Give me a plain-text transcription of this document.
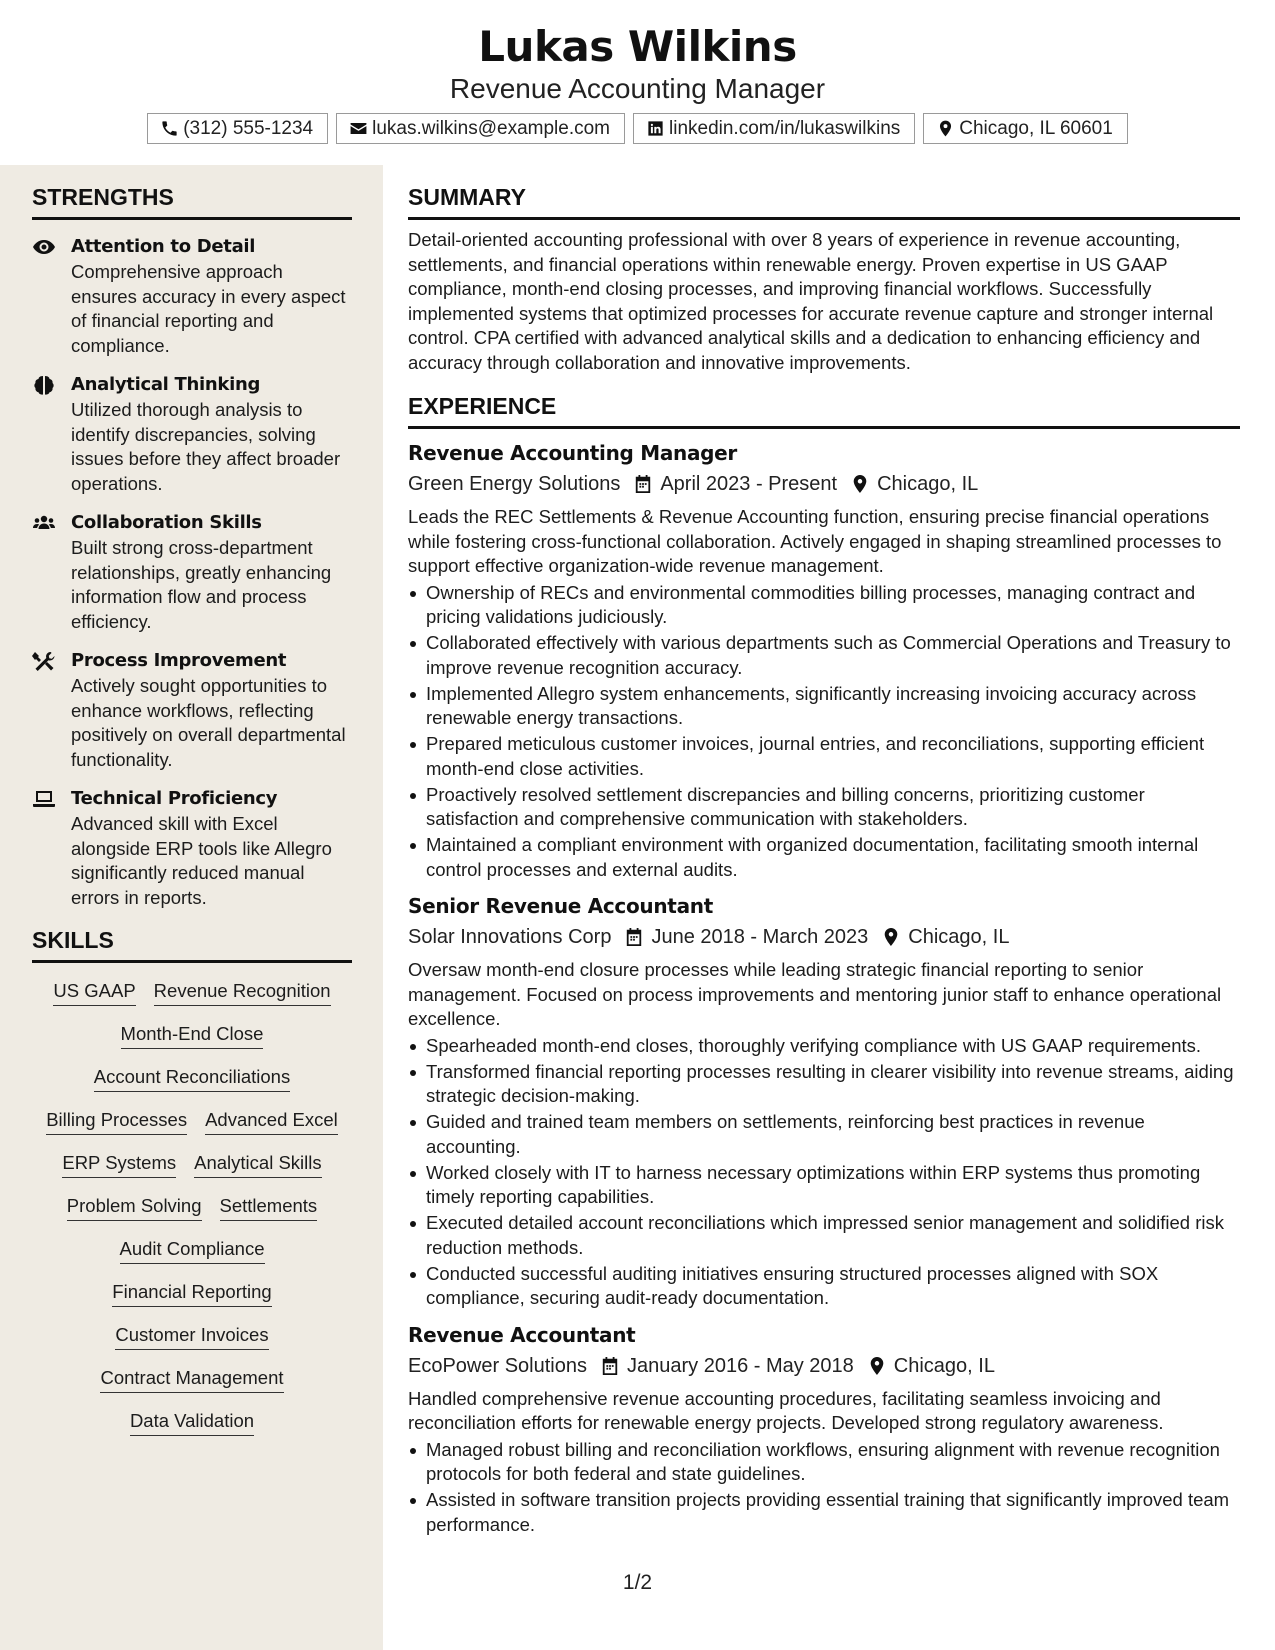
Lukas Wilkins
Revenue Accounting Manager
(312) 555-1234	lukas.wilkins@example.com	linkedin.com/in/lukaswilkins	Chicago, IL 60601
STRENGTHS
Attention to Detail
Comprehensive approach ensures accuracy in every aspect of financial reporting and compliance.
Analytical Thinking
Utilized thorough analysis to identify discrepancies, solving issues before they affect broader operations.
Collaboration Skills
Built strong cross-department relationships, greatly enhancing information flow and process efficiency.
Process Improvement
Actively sought opportunities to enhance workflows, reflecting positively on overall departmental functionality.
Technical Proficiency
Advanced skill with Excel alongside ERP tools like Allegro significantly reduced manual errors in reports.
SKILLS
US GAAP Revenue Recognition
Month-End Close
Account Reconciliations
Billing Processes Advanced Excel
ERP Systems Analytical Skills
Problem Solving Settlements
Audit Compliance
Financial Reporting
Customer Invoices
Contract Management
Data Validation
SUMMARY
Detail-oriented accounting professional with over 8 years of experience in revenue accounting, settlements, and financial operations within renewable energy. Proven expertise in US GAAP compliance, month-end closing processes, and improving financial workflows. Successfully implemented systems that optimized processes for accurate revenue capture and stronger internal control. CPA certified with advanced analytical skills and a dedication to enhancing efficiency and accuracy through collaboration and innovative improvements.
EXPERIENCE
Revenue Accounting Manager
Green Energy Solutions April 2023 - Present Chicago, IL
Leads the REC Settlements & Revenue Accounting function, ensuring precise financial operations while fostering cross-functional collaboration. Actively engaged in shaping streamlined processes to support effective organization-wide revenue management.
Ownership of RECs and environmental commodities billing processes, managing contract and pricing validations judiciously.
Collaborated effectively with various departments such as Commercial Operations and Treasury to improve revenue recognition accuracy.
Implemented Allegro system enhancements, significantly increasing invoicing accuracy across renewable energy transactions.
Prepared meticulous customer invoices, journal entries, and reconciliations, supporting efficient month-end close activities.
Proactively resolved settlement discrepancies and billing concerns, prioritizing customer satisfaction and comprehensive communication with stakeholders.
Maintained a compliant environment with organized documentation, facilitating smooth internal control processes and external audits.
Senior Revenue Accountant
Solar Innovations Corp June 2018 - March 2023 Chicago, IL
Oversaw month-end closure processes while leading strategic financial reporting to senior management. Focused on process improvements and mentoring junior staff to enhance operational excellence.
Spearheaded month-end closes, thoroughly verifying compliance with US GAAP requirements.
Transformed financial reporting processes resulting in clearer visibility into revenue streams, aiding strategic decision-making.
Guided and trained team members on settlements, reinforcing best practices in revenue accounting.
Worked closely with IT to harness necessary optimizations within ERP systems thus promoting timely reporting capabilities.
Executed detailed account reconciliations which impressed senior management and solidified risk reduction methods.
Conducted successful auditing initiatives ensuring structured processes aligned with SOX compliance, securing audit-ready documentation.
Revenue Accountant
EcoPower Solutions January 2016 - May 2018 Chicago, IL
Handled comprehensive revenue accounting procedures, facilitating seamless invoicing and reconciliation efforts for renewable energy projects. Developed strong regulatory awareness.
Managed robust billing and reconciliation workflows, ensuring alignment with revenue recognition protocols for both federal and state guidelines.
Assisted in software transition projects providing essential training that significantly improved team performance.
1/2
